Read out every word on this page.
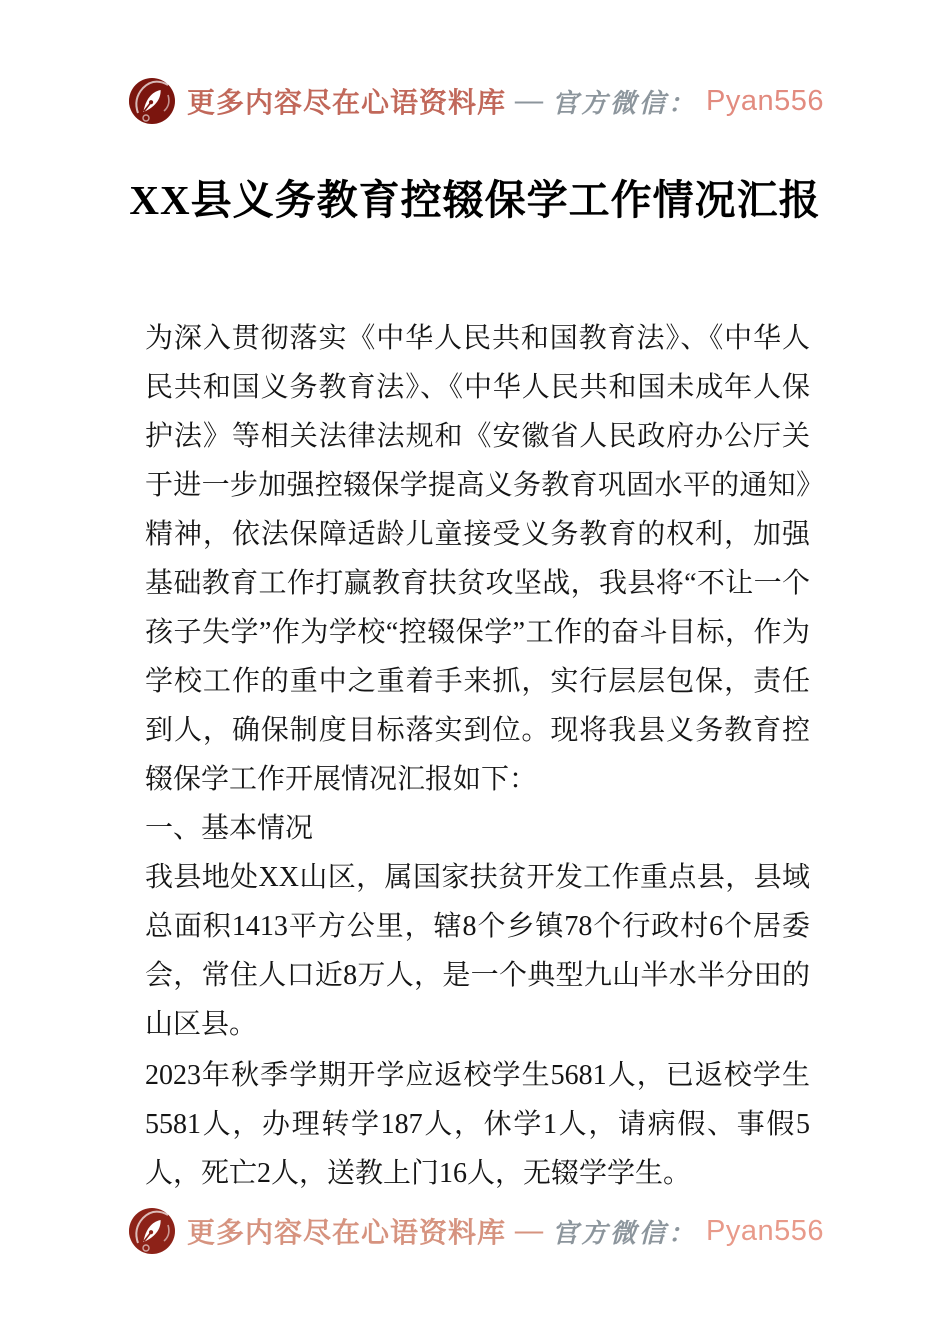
更多内容尽在心语资料库 — 官方微信： Pyan556
XX县义务教育控辍保学工作情况汇报

为深入贯彻落实《中华人民共和国教育法》、《中华人民共和国义务教育法》、《中华人民共和国未成年人保护法》等相关法律法规和《安徽省人民政府办公厅关于进一步加强控辍保学提高义务教育巩固水平的通知》精神，依法保障适龄儿童接受义务教育的权利，加强基础教育工作打赢教育扶贫攻坚战，我县将“不让一个孩子失学”作为学校“控辍保学”工作的奋斗目标，作为学校工作的重中之重着手来抓，实行层层包保，责任到人，确保制度目标落实到位。现将我县义务教育控辍保学工作开展情况汇报如下：

一、基本情况

我县地处XX山区，属国家扶贫开发工作重点县，县域总面积1413平方公里，辖8个乡镇78个行政村6个居委会，常住人口近8万人，是一个典型九山半水半分田的山区县。

2023年秋季学期开学应返校学生5681人，已返校学生5581人，办理转学187人，休学1人，请病假、事假5人，死亡2人，送教上门16人，无辍学学生。

更多内容尽在心语资料库 — 官方微信： Pyan556
